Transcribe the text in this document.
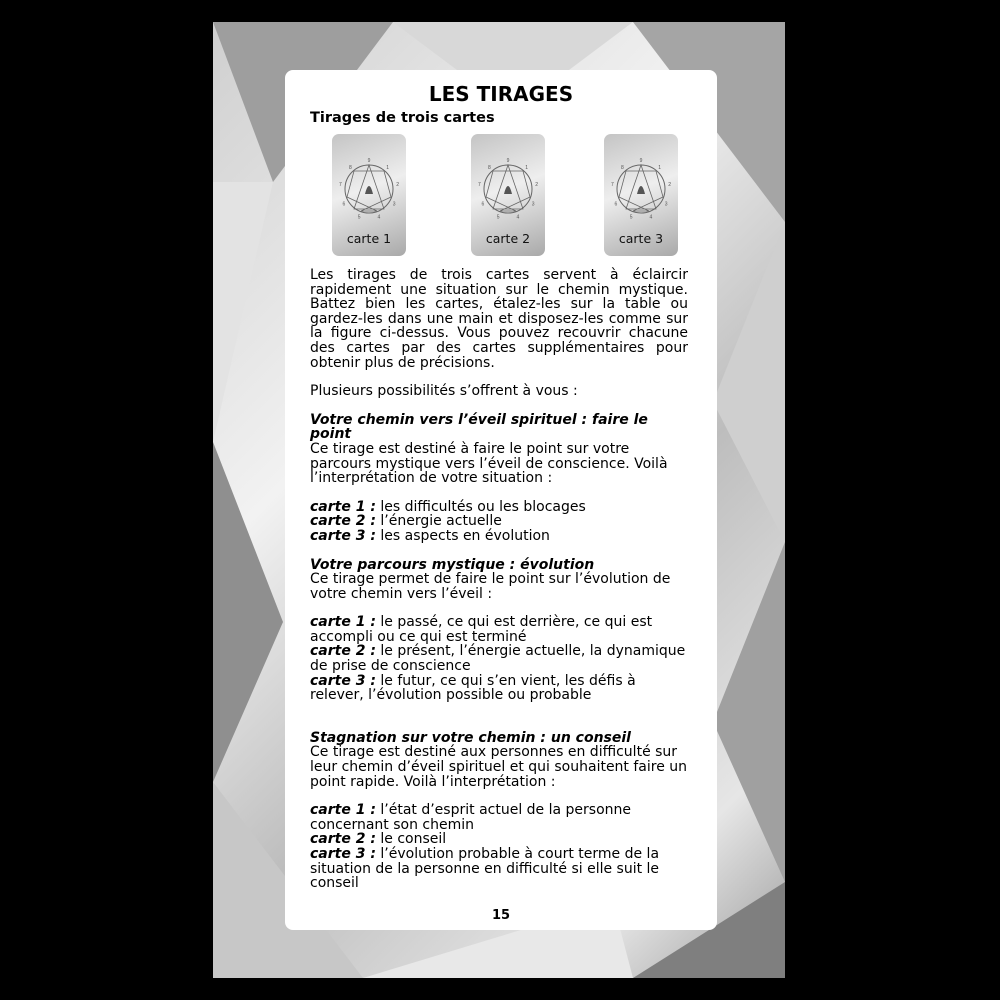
LES TIRAGES
Tirages de trois cartes
9
1
2
3
4
5
6
7
8
carte 1
9
1
2
3
4
5
6
7
8
carte 2
9
1
2
3
4
5
6
7
8
carte 3

Les tirages de trois cartes servent à éclaircir rapidement une situation sur le chemin mystique. Battez bien les cartes, étalez-les sur la table ou gardez-les dans une main et disposez-les comme sur la figure ci-dessus. Vous pouvez recouvrir chacune des cartes par des cartes supplémentaires pour obtenir plus de précisions.

Plusieurs possibilités s’offrent à vous :

Votre chemin vers l’éveil spirituel : faire le point

Ce tirage est destiné à faire le point sur votre parcours mystique vers l’éveil de conscience. Voilà l’interprétation de votre situation :

carte 1 : les difficultés ou les blocages

carte 2 : l’énergie actuelle

carte 3 : les aspects en évolution

Votre parcours mystique : évolution

Ce tirage permet de faire le point sur l’évolution de votre chemin vers l’éveil :

carte 1 : le passé, ce qui est derrière, ce qui est accompli ou ce qui est terminé

carte 2 : le présent, l’énergie actuelle, la dynamique de prise de conscience

carte 3 : le futur, ce qui s’en vient, les défis à relever, l’évolution possible ou probable

Stagnation sur votre chemin : un conseil

Ce tirage est destiné aux personnes en difficulté sur leur chemin d’éveil spirituel et qui souhaitent faire un point rapide. Voilà l’interprétation :

carte 1 : l’état d’esprit actuel de la personne concernant son chemin

carte 2 : le conseil

carte 3 : l’évolution probable à court terme de la situation de la personne en difficulté si elle suit le conseil

15
